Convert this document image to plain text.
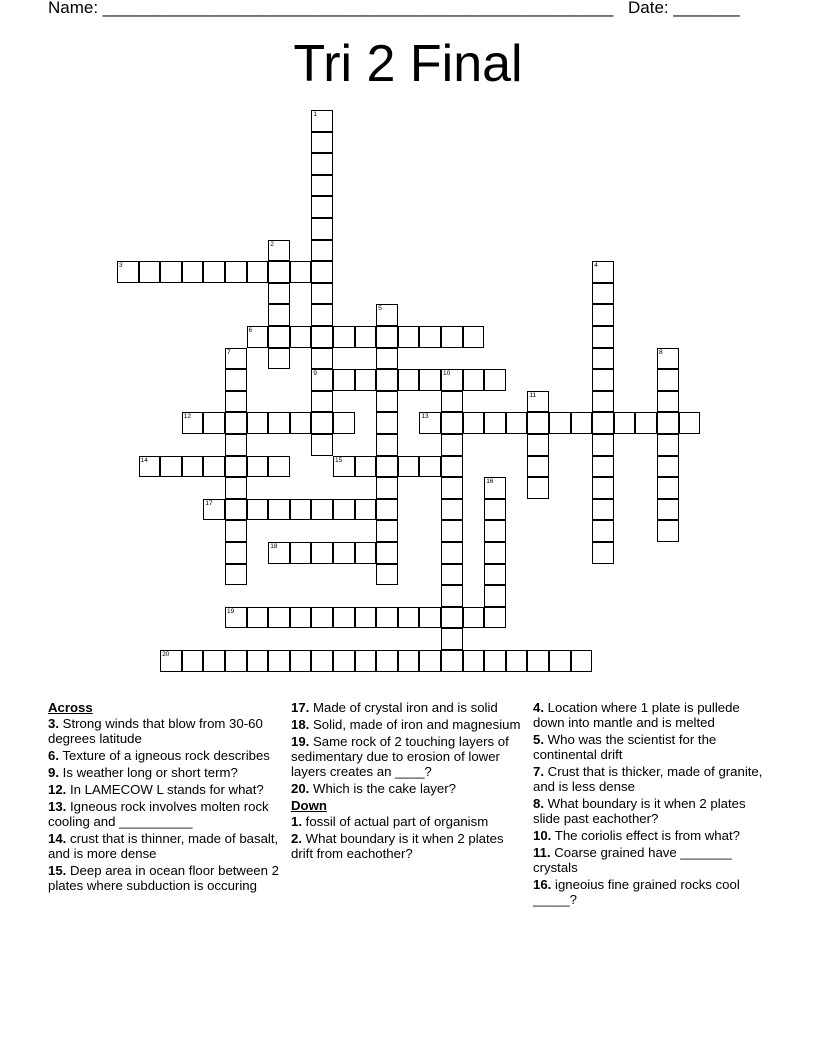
Name: ______________________________________________________ Date: _______
Tri 2 Final
1
9
2
3	4
5
6
7	8
10
11
12	13
14	15
16
17
18
19
20
Across
3. Strong winds that blow from 30-60 degrees latitude
6. Texture of a igneous rock describes
9. Is weather long or short term?
12. In LAMECOW L stands for what?
13. Igneous rock involves molten rock cooling and __________
14. crust that is thinner, made of basalt, and is more dense
15. Deep area in ocean floor between 2 plates where subduction is occuring
17. Made of crystal iron and is solid
18. Solid, made of iron and magnesium
19. Same rock of 2 touching layers of sedimentary due to erosion of lower layers creates an ____?
20. Which is the cake layer?
Down
1. fossil of actual part of organism
2. What boundary is it when 2 plates drift from eachother?
4. Location where 1 plate is pullede down into mantle and is melted
5. Who was the scientist for the continental drift
7. Crust that is thicker, made of granite, and is less dense
8. What boundary is it when 2 plates slide past eachother?
10. The coriolis effect is from what?
11. Coarse grained have _______ crystals
16. igneoius fine grained rocks cool _____?
